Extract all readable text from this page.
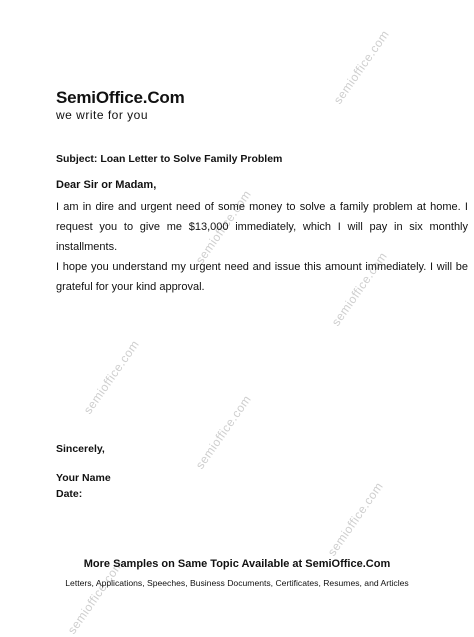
semioffice.com
semioffice.com
semioffice.com
semioffice.com
semioffice.com
semioffice.com
semioffice.com
SemiOffice.Com
we write for you
Subject: Loan Letter to Solve Family Problem
Dear Sir or Madam,
I am in dire and urgent need of some money to solve a family problem at home. I request you to give me $13,000 immediately, which I will pay in six monthly installments.
I hope you understand my urgent need and issue this amount immediately. I will be grateful for your kind approval.
Sincerely,
Your Name
Date:
More Samples on Same Topic Available at SemiOffice.Com
Letters, Applications, Speeches, Business Documents, Certificates, Resumes, and Articles
